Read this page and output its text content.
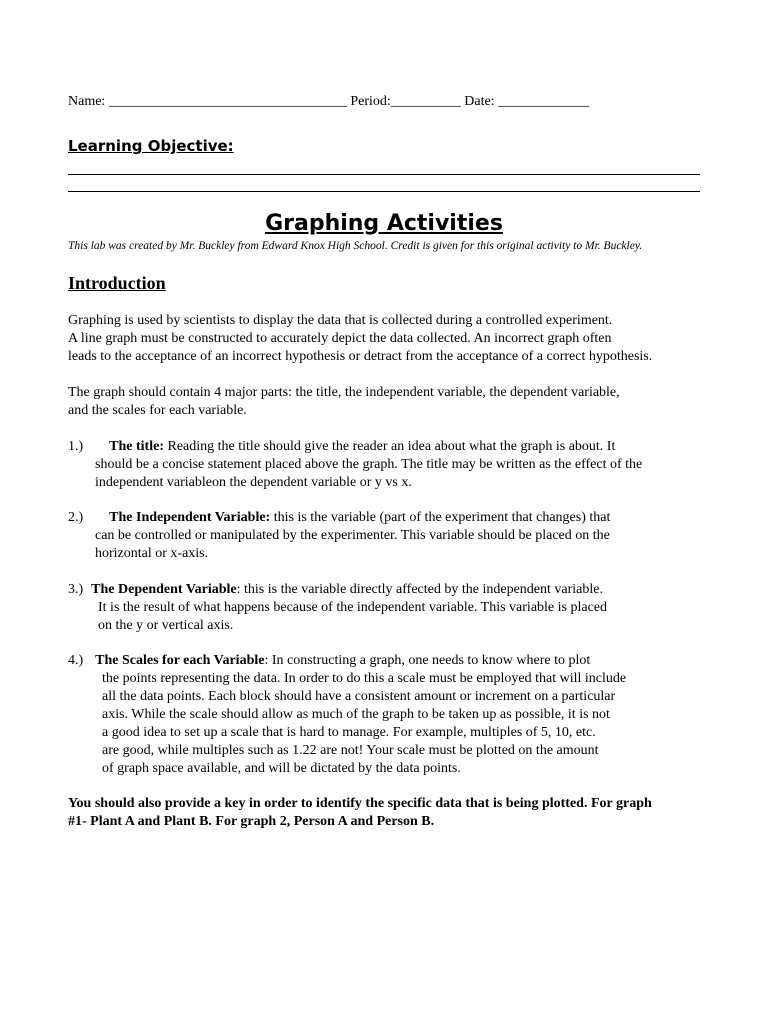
Name: __________________________________ Period:__________ Date: _____________
Learning Objective:
Graphing Activities
This lab was created by Mr. Buckley from Edward Knox High School. Credit is given for this original activity to Mr. Buckley.
Introduction
Graphing is used by scientists to display the data that is collected during a controlled experiment.
A line graph must be constructed to accurately depict the data collected. An incorrect graph often
leads to the acceptance of an incorrect hypothesis or detract from the acceptance of a correct hypothesis.
The graph should contain 4 major parts: the title, the independent variable, the dependent variable,
and the scales for each variable.
1.) The title: Reading the title should give the reader an idea about what the graph is about. It
should be a concise statement placed above the graph. The title may be written as the effect of the
independent variableon the dependent variable or y vs x.
2.) The Independent Variable: this is the variable (part of the experiment that changes) that
can be controlled or manipulated by the experimenter. This variable should be placed on the
horizontal or x-axis.
3.) The Dependent Variable: this is the variable directly affected by the independent variable.
It is the result of what happens because of the independent variable. This variable is placed
on the y or vertical axis.
4.) The Scales for each Variable: In constructing a graph, one needs to know where to plot
the points representing the data. In order to do this a scale must be employed that will include
all the data points. Each block should have a consistent amount or increment on a particular
axis. While the scale should allow as much of the graph to be taken up as possible, it is not
a good idea to set up a scale that is hard to manage. For example, multiples of 5, 10, etc.
are good, while multiples such as 1.22 are not! Your scale must be plotted on the amount
of graph space available, and will be dictated by the data points.
You should also provide a key in order to identify the specific data that is being plotted. For graph
#1- Plant A and Plant B. For graph 2, Person A and Person B.
